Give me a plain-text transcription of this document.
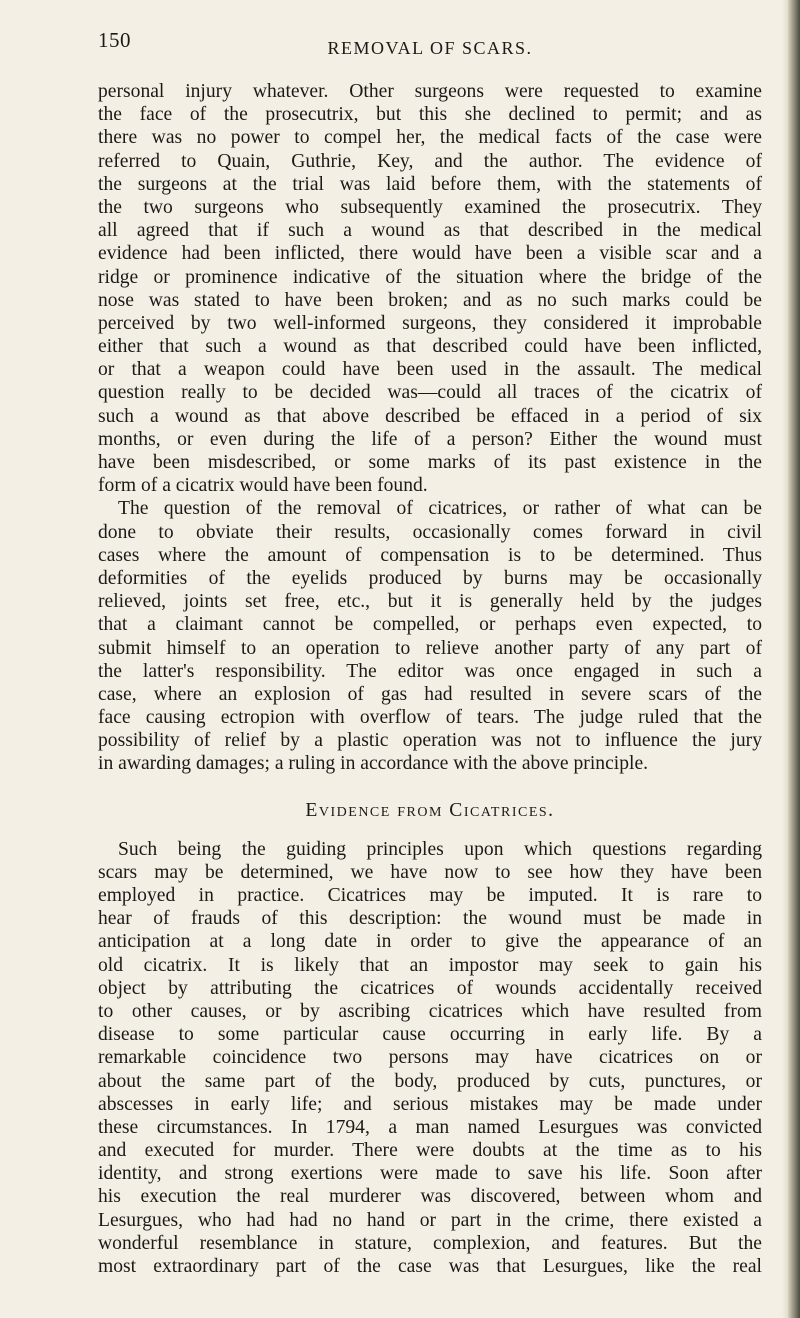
150	REMOVAL OF SCARS.
personal injury whatever. Other surgeons were requested to examine
the face of the prosecutrix, but this she declined to permit; and as
there was no power to compel her, the medical facts of the case were
referred to Quain, Guthrie, Key, and the author. The evidence of
the surgeons at the trial was laid before them, with the statements of
the two surgeons who subsequently examined the prosecutrix. They
all agreed that if such a wound as that described in the medical
evidence had been inflicted, there would have been a visible scar and a
ridge or prominence indicative of the situation where the bridge of the
nose was stated to have been broken; and as no such marks could be
perceived by two well-informed surgeons, they considered it improbable
either that such a wound as that described could have been inflicted,
or that a weapon could have been used in the assault. The medical
question really to be decided was—could all traces of the cicatrix of
such a wound as that above described be effaced in a period of six
months, or even during the life of a person? Either the wound must
have been misdescribed, or some marks of its past existence in the
form of a cicatrix would have been found.
The question of the removal of cicatrices, or rather of what can be
done to obviate their results, occasionally comes forward in civil
cases where the amount of compensation is to be determined. Thus
deformities of the eyelids produced by burns may be occasionally
relieved, joints set free, etc., but it is generally held by the judges
that a claimant cannot be compelled, or perhaps even expected, to
submit himself to an operation to relieve another party of any part of
the latter's responsibility. The editor was once engaged in such a
case, where an explosion of gas had resulted in severe scars of the
face causing ectropion with overflow of tears. The judge ruled that the
possibility of relief by a plastic operation was not to influence the jury
in awarding damages; a ruling in accordance with the above principle.
Evidence from Cicatrices.
Such being the guiding principles upon which questions regarding
scars may be determined, we have now to see how they have been
employed in practice. Cicatrices may be imputed. It is rare to
hear of frauds of this description: the wound must be made in
anticipation at a long date in order to give the appearance of an
old cicatrix. It is likely that an impostor may seek to gain his
object by attributing the cicatrices of wounds accidentally received
to other causes, or by ascribing cicatrices which have resulted from
disease to some particular cause occurring in early life. By a
remarkable coincidence two persons may have cicatrices on or
about the same part of the body, produced by cuts, punctures, or
abscesses in early life; and serious mistakes may be made under
these circumstances. In 1794, a man named Lesurgues was convicted
and executed for murder. There were doubts at the time as to his
identity, and strong exertions were made to save his life. Soon after
his execution the real murderer was discovered, between whom and
Lesurgues, who had had no hand or part in the crime, there existed a
wonderful resemblance in stature, complexion, and features. But the
most extraordinary part of the case was that Lesurgues, like the real
